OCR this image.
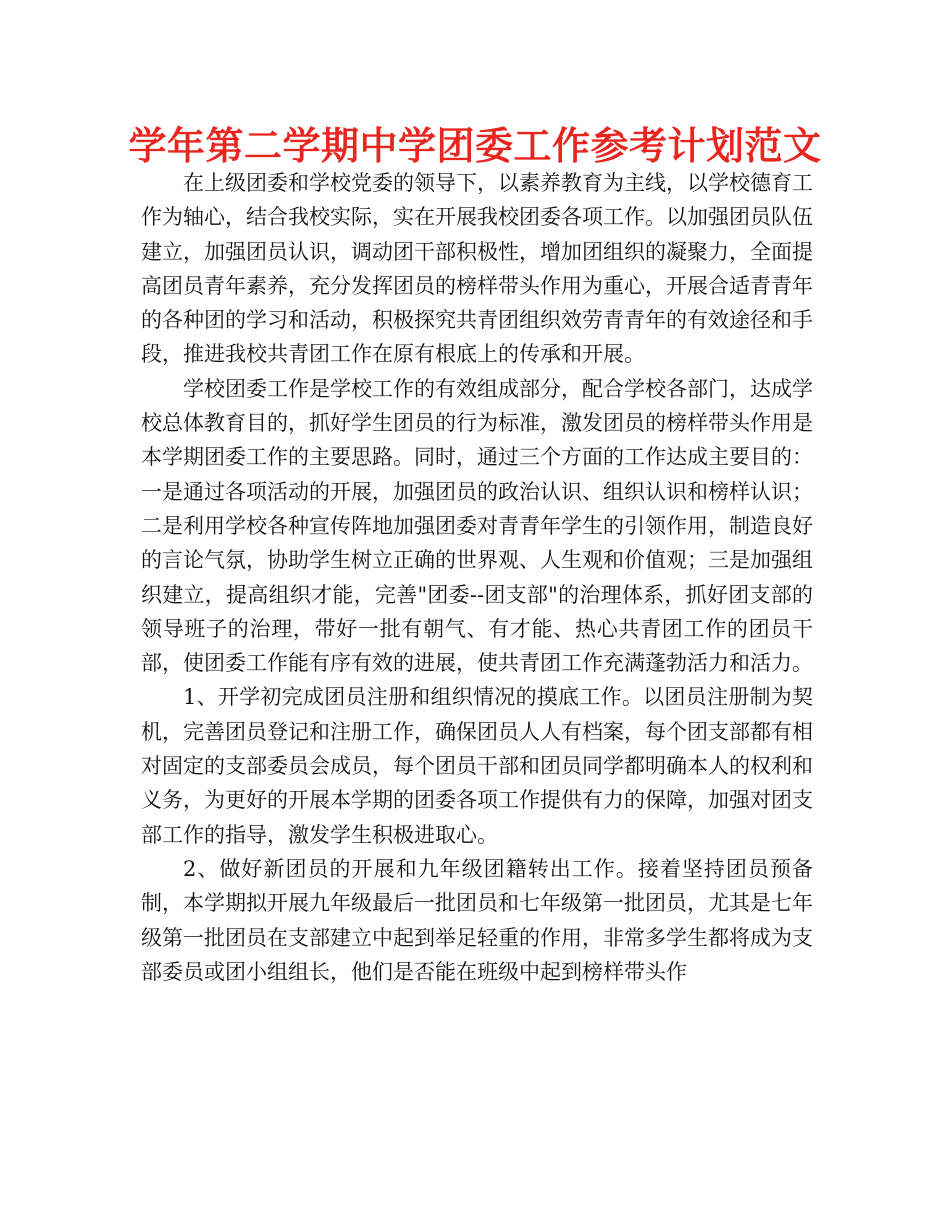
学年第二学期中学团委工作参考计划范文

在上级团委和学校党委的领导下，以素养教育为主线，以学校德育工作为轴心，结合我校实际，实在开展我校团委各项工作。以加强团员队伍建立，加强团员认识，调动团干部积极性，增加团组织的凝聚力，全面提高团员青年素养，充分发挥团员的榜样带头作用为重心，开展合适青青年的各种团的学习和活动，积极探究共青团组织效劳青青年的有效途径和手段，推进我校共青团工作在原有根底上的传承和开展。

学校团委工作是学校工作的有效组成部分，配合学校各部门，达成学校总体教育目的，抓好学生团员的行为标准，激发团员的榜样带头作用是本学期团委工作的主要思路。同时，通过三个方面的工作达成主要目的：一是通过各项活动的开展，加强团员的政治认识、组织认识和榜样认识；二是利用学校各种宣传阵地加强团委对青青年学生的引领作用，制造良好的言论气氛，协助学生树立正确的世界观、人生观和价值观；三是加强组织建立，提高组织才能，完善"团委--团支部"的治理体系，抓好团支部的领导班子的治理，带好一批有朝气、有才能、热心共青团工作的团员干部，使团委工作能有序有效的进展，使共青团工作充满蓬勃活力和活力。

1、开学初完成团员注册和组织情况的摸底工作。以团员注册制为契机，完善团员登记和注册工作，确保团员人人有档案，每个团支部都有相对固定的支部委员会成员，每个团员干部和团员同学都明确本人的权利和义务，为更好的开展本学期的团委各项工作提供有力的保障，加强对团支部工作的指导，激发学生积极进取心。

2、做好新团员的开展和九年级团籍转出工作。接着坚持团员预备制，本学期拟开展九年级最后一批团员和七年级第一批团员，尤其是七年级第一批团员在支部建立中起到举足轻重的作用，非常多学生都将成为支部委员或团小组组长，他们是否能在班级中起到榜样带头作
